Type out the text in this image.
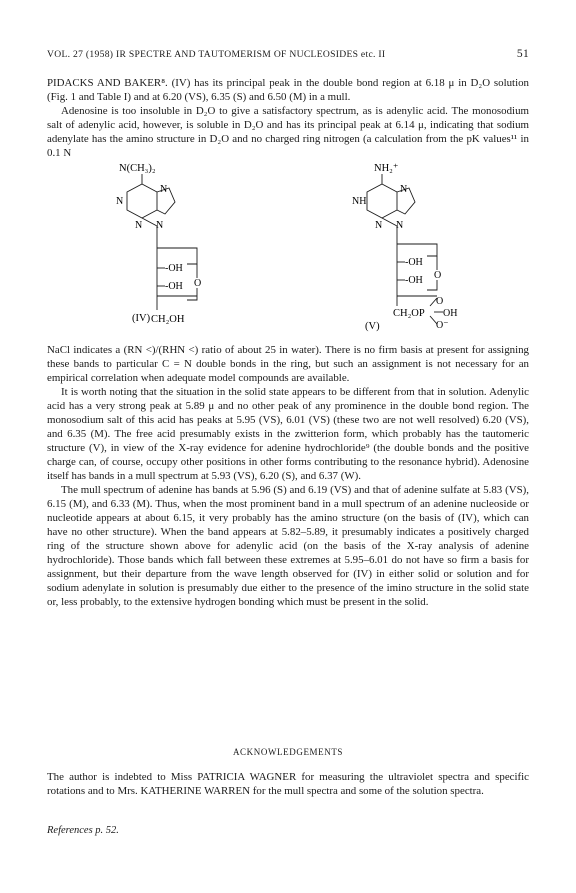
VOL. 27 (1958) IR SPECTRE AND TAUTOMERISM OF NUCLEOSIDES etc. II	51

PIDACKS AND BAKER⁸. (IV) has its principal peak in the double bond region at 6.18 μ in D₂O solution (Fig. 1 and Table I) and at 6.20 (VS), 6.35 (S) and 6.50 (M) in a mull.

Adenosine is too insoluble in D₂O to give a satisfactory spectrum, as is adenylic acid. The monosodium salt of adenylic acid, however, is soluble in D₂O and has its principal peak at 6.14 μ, indicating that sodium adenylate has the amino structure in D₂O and no charged ring nitrogen (a calculation from the pK values¹¹ in 0.1 N

N(CH₃)₂
N
N
N N
-OH
-OH O
CH₂OH
(IV)
NH₂⁺
NH
N
N N
-OH
-OH O
O
CH₂OP OH
O⁻
(V)

NaCl indicates a (RN <)/(RHN <) ratio of about 25 in water). There is no firm basis at present for assigning these bands to particular C = N double bonds in the ring, but such an assignment is not necessary for an empirical correlation when adequate model compounds are available.

It is worth noting that the situation in the solid state appears to be different from that in solution. Adenylic acid has a very strong peak at 5.89 μ and no other peak of any prominence in the double bond region. The monosodium salt of this acid has peaks at 5.95 (VS), 6.01 (VS) (these two are not well resolved) 6.20 (VS), and 6.35 (M). The free acid presumably exists in the zwitterion form, which probably has the tautomeric structure (V), in view of the X-ray evidence for adenine hydrochloride⁹ (the double bonds and the positive charge can, of course, occupy other positions in other forms contributing to the resonance hybrid). Adenosine itself has bands in a mull spectrum at 5.93 (VS), 6.20 (S), and 6.37 (W).

The mull spectrum of adenine has bands at 5.96 (S) and 6.19 (VS) and that of adenine sulfate at 5.83 (VS), 6.15 (M), and 6.33 (M). Thus, when the most prominent band in a mull spectrum of an adenine nucleoside or nucleotide appears at about 6.15, it very probably has the amino structure (on the basis of (IV), which can have no other structure). When the band appears at 5.82–5.89, it presumably indicates a positively charged ring of the structure shown above for adenylic acid (on the basis of the X-ray analysis of adenine hydrochloride). Those bands which fall between these extremes at 5.95–6.01 do not have so firm a basis for assignment, but their departure from the wave length observed for (IV) in either solid or solution and for sodium adenylate in solution is presumably due either to the presence of the imino structure in the solid state or, less probably, to the extensive hydrogen bonding which must be present in the solid.

ACKNOWLEDGEMENTS

The author is indebted to Miss PATRICIA WAGNER for measuring the ultraviolet spectra and specific rotations and to Mrs. KATHERINE WARREN for the mull spectra and some of the solution spectra.

References p. 52.
